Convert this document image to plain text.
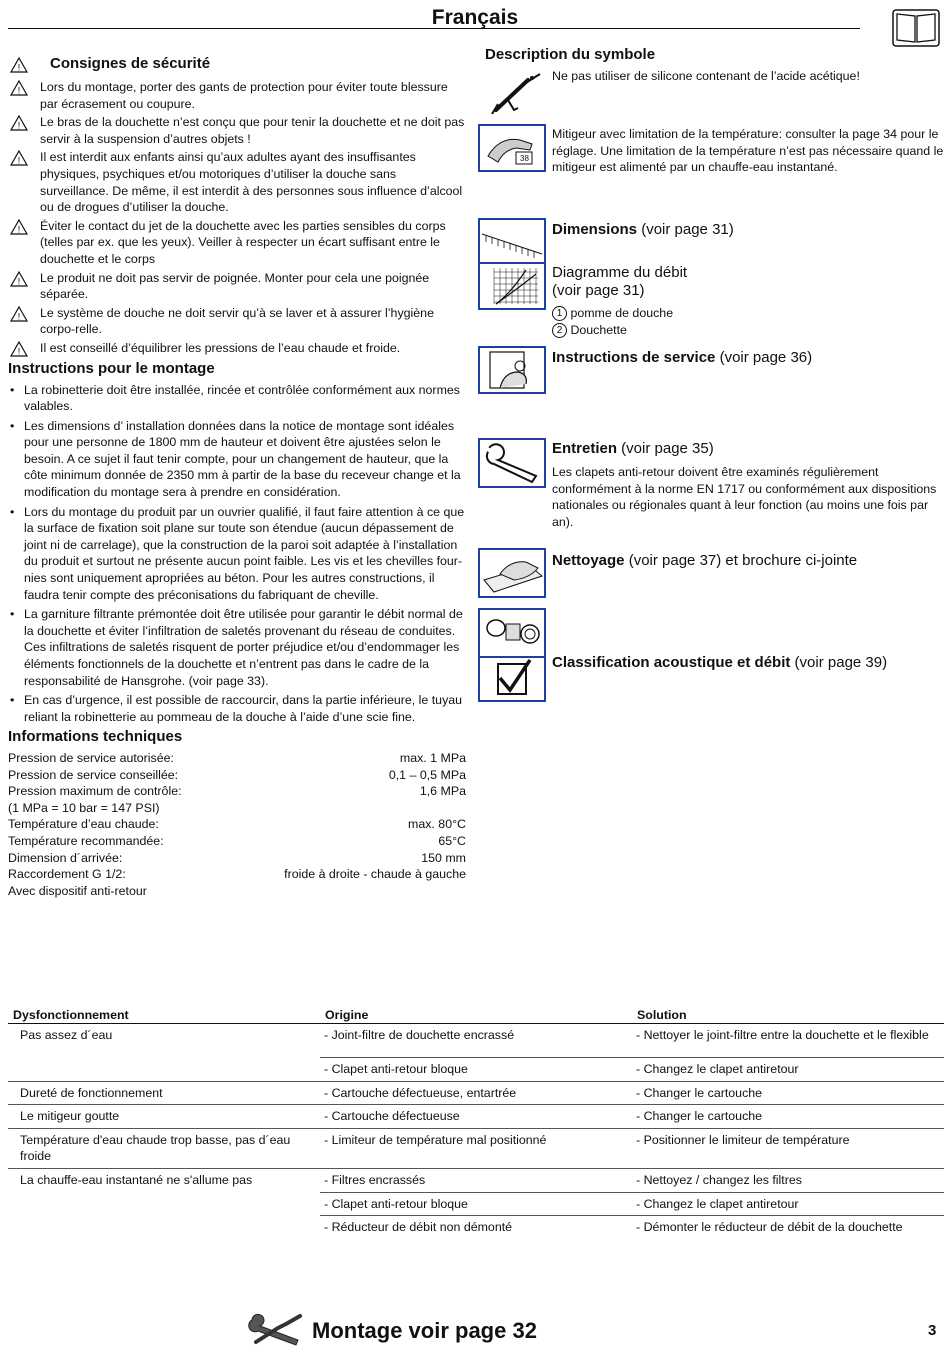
Français
! Consignes de sécurité
! Lors du montage, porter des gants de protection pour éviter toute blessure par écrasement ou coupure.
! Le bras de la douchette n’est conçu que pour tenir la douchette et ne doit pas servir à la suspension d’autres objets !
! Il est interdit aux enfants ainsi qu’aux adultes ayant des insuffisantes physiques, psychiques et/ou motoriques d’utiliser la douche sans surveillance. De même, il est interdit à des personnes sous influence d’alcool ou de drogues d’utiliser la douche.
! Éviter le contact du jet de la douchette avec les parties sensibles du corps (telles par ex. que les yeux). Veiller à respecter un écart suffisant entre le douchette et le corps
! Le produit ne doit pas servir de poignée. Monter pour cela une poignée séparée.
! Le système de douche ne doit servir qu’à se laver et à assurer l’hygiène corpo-relle.
! Il est conseillé d’équilibrer les pressions de l’eau chaude et froide.
Instructions pour le montage
• La robinetterie doit être installée, rincée et contrôlée conformément aux normes valables.
• Les dimensions d’ installation données dans la notice de montage sont idéales pour une personne de 1800 mm de hauteur et doivent être ajustées selon le besoin. A ce sujet il faut tenir compte, pour un changement de hauteur, que la côte minimum donnée de 2350 mm à partir de la base du receveur change et la modification du montage sera à prendre en considération.
• Lors du montage du produit par un ouvrier qualifié, il faut faire attention à ce que la surface de fixation soit plane sur toute son étendue (aucun dépassement de joint ni de carrelage), que la construction de la paroi soit adaptée à l’installation du produit et surtout ne présente aucun point faible. Les vis et les chevilles four-nies sont uniquement apropriées au béton. Pour les autres constructions, il faudra tenir compte des préconisations du fabriquant de cheville.
• La garniture filtrante prémontée doit être utilisée pour garantir le débit normal de la douchette et éviter l’infiltration de saletés provenant du réseau de conduites. Ces infiltrations de saletés risquent de porter préjudice et/ou d’endommager les éléments fonctionnels de la douchette et n’entrent pas dans le cadre de la responsabilité de Hansgrohe. (voir page 33).
• En cas d’urgence, il est possible de raccourcir, dans la partie inférieure, le tuyau reliant la robinetterie au pommeau de la douche à l’aide d’une scie fine.
Informations techniques
Pression de service autorisée:	max. 1 MPa
Pression de service conseillée:	0,1 – 0,5 MPa
Pression maximum de contrôle:	1,6 MPa
(1 MPa = 10 bar = 147 PSI)
Température d’eau chaude:	max. 80°C
Température recommandée:	65°C
Dimension d´arrivée:	150 mm
Raccordement G 1/2:	froide à droite - chaude à gauche
Avec dispositif anti-retour
Description du symbole
Ne pas utiliser de silicone contenant de l’acide acétique!
38
Mitigeur avec limitation de la température: consulter la page 34 pour le réglage. Une limitation de la température n’est pas nécessaire quand le mitigeur est alimenté par un chauffe-eau instantané.
Dimensions (voir page 31)
Diagramme du débit
(voir page 31)
1 pomme de douche
2 Douchette
Instructions de service (voir page 36)
Entretien (voir page 35)
Les clapets anti-retour doivent être examinés régulièrement conformément à la norme EN 1717 ou conformément aux dispositions nationales ou régionales quant à leur fonction (au moins une fois par an).
Nettoyage (voir page 37) et brochure ci-jointe
Classification acoustique et débit (voir page 39)
Dysfonctionnement	Origine	Solution
Pas assez d´eau	- Joint-filtre de douchette encrassé	- Nettoyer le joint-filtre entre la douchette et le flexible
	- Clapet anti-retour bloque	- Changez le clapet antiretour
Dureté de fonctionnement	- Cartouche défectueuse, entartrée	- Changer le cartouche
Le mitigeur goutte	- Cartouche défectueuse	- Changer le cartouche
Température d'eau chaude trop basse, pas d´eau froide	- Limiteur de température mal positionné	- Positionner le limiteur de température
La chauffe-eau instantané ne s'allume pas	- Filtres encrassés	- Nettoyez / changez les filtres
	- Clapet anti-retour bloque	- Changez le clapet antiretour
	- Réducteur de débit non démonté	- Démonter le réducteur de débit de la douchette
Montage voir page 32	3
